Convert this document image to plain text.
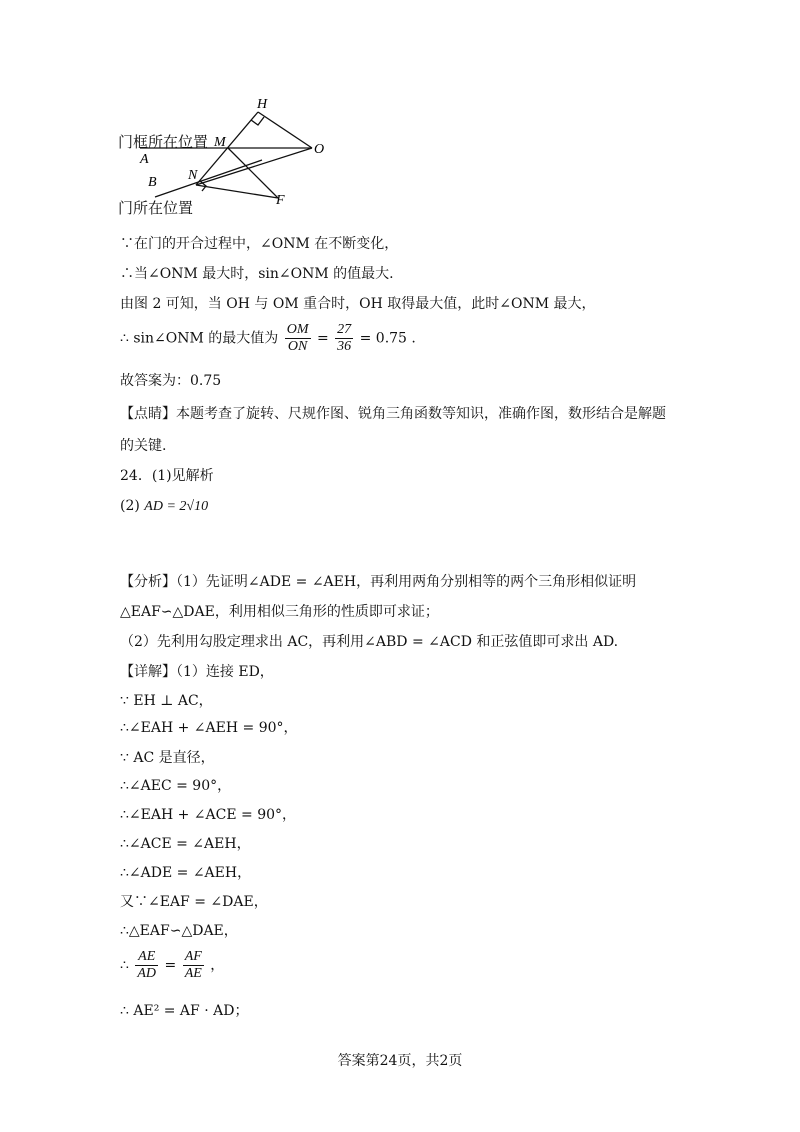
H
M	O
A
N
B
F
门框所在位置
门所在位置
∵在门的开合过程中，∠ONM 在不断变化，
∴当∠ONM 最大时，sin∠ONM 的值最大.
由图 2 可知，当 OH 与 OM 重合时，OH 取得最大值，此时∠ONM 最大，
∴ sin∠ONM 的最大值为 $\frac{OM}{ON} = \frac{27}{36} = 0.75$ .
故答案为：0.75
【点睛】本题考查了旋转、尺规作图、锐角三角函数等知识，准确作图，数形结合是解题
的关键.
24．(1)见解析
(2) AD = 2√10
【分析】（1）先证明∠ADE = ∠AEH，再利用两角分别相等的两个三角形相似证明
△EAF∽△DAE，利用相似三角形的性质即可求证；
（2）先利用勾股定理求出 AC，再利用∠ABD = ∠ACD 和正弦值即可求出 AD.
【详解】（1）连接 ED，
∵ EH ⊥ AC，
∴∠EAH + ∠AEH = 90°，
∵ AC 是直径，
∴∠AEC = 90°，
∴∠EAH + ∠ACE = 90°，
∴∠ACE = ∠AEH，
∴∠ADE = ∠AEH，
又∵∠EAF = ∠DAE，
∴△EAF∽△DAE，
∴ $\frac{AE}{AD} = \frac{AF}{AE}$ ，
∴ AE² = AF · AD；
答案第24页，共2页
